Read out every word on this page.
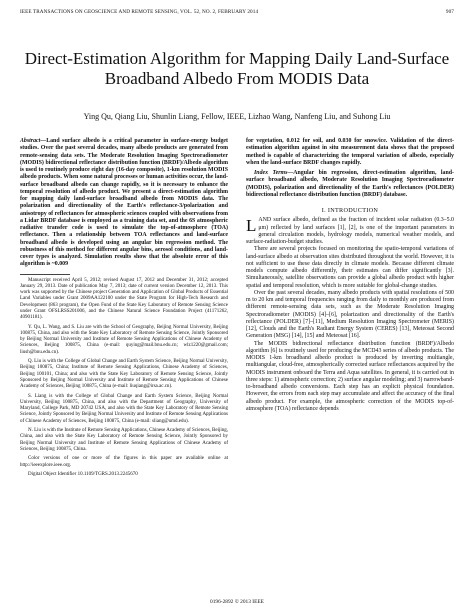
IEEE TRANSACTIONS ON GEOSCIENCE AND REMOTE SENSING, VOL. 52, NO. 2, FEBRUARY 2014	907
Direct-Estimation Algorithm for Mapping Daily Land-Surface Broadband Albedo From MODIS Data
Ying Qu, Qiang Liu, Shunlin Liang, Fellow, IEEE, Lizhao Wang, Nanfeng Liu, and Suhong Liu

Abstract—Land surface albedo is a critical parameter in surface-energy budget studies. Over the past several decades, many albedo products are generated from remote-sensing data sets. The Moderate Resolution Imaging Spectroradiometer (MODIS) bidirectional reflectance distribution function (BRDF)/Albedo algorithm is used to routinely produce eight day (16-day composite), 1-km resolution MODIS albedo products. When some natural processes or human activities occur, the land-surface broadband albedo can change rapidly, so it is necessary to enhance the temporal resolution of albedo product. We present a direct-estimation algorithm for mapping daily land-surface broadband albedo from MODIS data. The polarization and directionality of the Earth's reflectance-3/polarization and anisotropy of reflectances for atmospheric sciences coupled with observations from a Lidar BRDF database is employed as a training data set, and the 6S atmospheric radiative transfer code is used to simulate the top-of-atmosphere (TOA) reflectance. Then a relationship between TOA reflectances and land-surface broadband albedo is developed using an angular bin regression method. The robustness of this method for different angular bins, aerosol conditions, and land-cover types is analyzed. Simulation results show that the absolute error of this algorithm is ~0.009

Manuscript received April 5, 2012; revised August 17, 2012 and December 31, 2012; accepted January 29, 2013. Date of publication May 7, 2013; date of current version December 12, 2013. This work was supported by the Chinese project Generation and Application of Global Products of Essential Land Variables under Grant 2009AA122100 under the State Program for High-Tech Research and Development (863 program), the Open Fund of the State Key Laboratory of Remote Sensing Science under Grant OFSLRSS201006, and the Chinese Natural Science Foundation Project (41171262, 40901181).

Y. Qu, L. Wang, and S. Liu are with the School of Geography, Beijing Normal University, Beijing 100875, China, and also with the State Key Laboratory of Remote Sensing Science, Jointly Sponsored by Beijing Normal University and Institute of Remote Sensing Applications of Chinese Academy of Sciences, Beijing 100875, China (e-mail: quying@mail.bnu.edu.cn; wlz1220@gmail.com; liush@bnu.edu.cn).

Q. Liu is with the College of Global Change and Earth System Science, Beijing Normal University, Beijing 100875, China; Institute of Remote Sensing Applications, Chinese Academy of Sciences, Beijing 100101, China; and also with the State Key Laboratory of Remote Sensing Science, Jointly Sponsored by Beijing Normal University and Institute of Remote Sensing Applications of Chinese Academy of Sciences, Beijing 100875, China (e-mail: liuqiang@irsa.ac.cn).

S. Liang is with the College of Global Change and Earth System Science, Beijing Normal University, Beijing 100875, China, and also with the Department of Geography, University of Maryland, College Park, MD 20742 USA, and also with the State Key Laboratory of Remote Sensing Science, Jointly Sponsored by Beijing Normal University and Institute of Remote Sensing Applications of Chinese Academy of Sciences, Beijing 100875, China (e-mail: sliang@umd.edu).

N. Liu is with the Institute of Remote Sensing Applications, Chinese Academy of Sciences, Beijing, China, and also with the State Key Laboratory of Remote Sensing Science, Jointly Sponsored by Beijing Normal University and Institute of Remote Sensing Applications of Chinese Academy of Sciences, Beijing 100875, China.

Color versions of one or more of the figures in this paper are available online at http://ieeexplore.ieee.org.

Digital Object Identifier 10.1109/TGRS.2013.2245670

for vegetation, 0.012 for soil, and 0.030 for snow/ice. Validation of the direct-estimation algorithm against in situ measurement data shows that the proposed method is capable of characterizing the temporal variation of albedo, especially when the land-surface BRDF changes rapidly.

Index Terms—Angular bin regression, direct-estimation algorithm, land-surface broadband albedo, Moderate Resolution Imaging Spectroradiometer (MODIS), polarization and directionality of the Earth's reflectances (POLDER) bidirectional reflectance distribution function (BRDF) database.

I. INTRODUCTION

LAND surface albedo, defined as the fraction of incident solar radiation (0.3–5.0 μm) reflected by land surfaces [1], [2], is one of the important parameters in general circulation models, hydrology models, numerical weather models, and surface-radiation-budget studies.

There are several projects focused on monitoring the spatio-temporal variations of land-surface albedo at observation sites distributed throughout the world. However, it is not sufficient to use these data directly in climate models. Because different climate models compute albedo differently, their estimates can differ significantly [3]. Simultaneously, satellite observations can provide a global albedo product with higher spatial and temporal resolution, which is more suitable for global-change studies.

Over the past several decades, many albedo products with spatial resolutions of 500 m to 20 km and temporal frequencies ranging from daily to monthly are produced from different remote-sensing data sets, such as the Moderate Resolution Imaging Spectroradiometer (MODIS) [4]–[6], polarization and directionality of the Earth's reflectance (POLDER) [7]–[11], Medium Resolution Imaging Spectrometer (MERIS) [12], Clouds and the Earth's Radiant Energy System (CERES) [13], Meteosat Second Generation (MSG) [14], [15] and Meteosat [16].

The MODIS bidirectional reflectance distribution function (BRDF)/Albedo algorithm [6] is routinely used for producing the MCD43 series of albedo products. The MODIS 1-km broadband albedo product is produced by inverting multiangle, multiangular, cloud-free, atmospherically corrected surface reflectances acquired by the MODIS instrument onboard the Terra and Aqua satellites. In general, it is carried out in three steps: 1) atmospheric correction; 2) surface angular modeling; and 3) narrowband-to-broadband albedo conversions. Each step has an explicit physical foundation. However, the errors from each step may accumulate and affect the accuracy of the final albedo product. For example, the atmospheric correction of the MODIS top-of-atmosphere (TOA) reflectance depends

0196-2892 © 2013 IEEE
